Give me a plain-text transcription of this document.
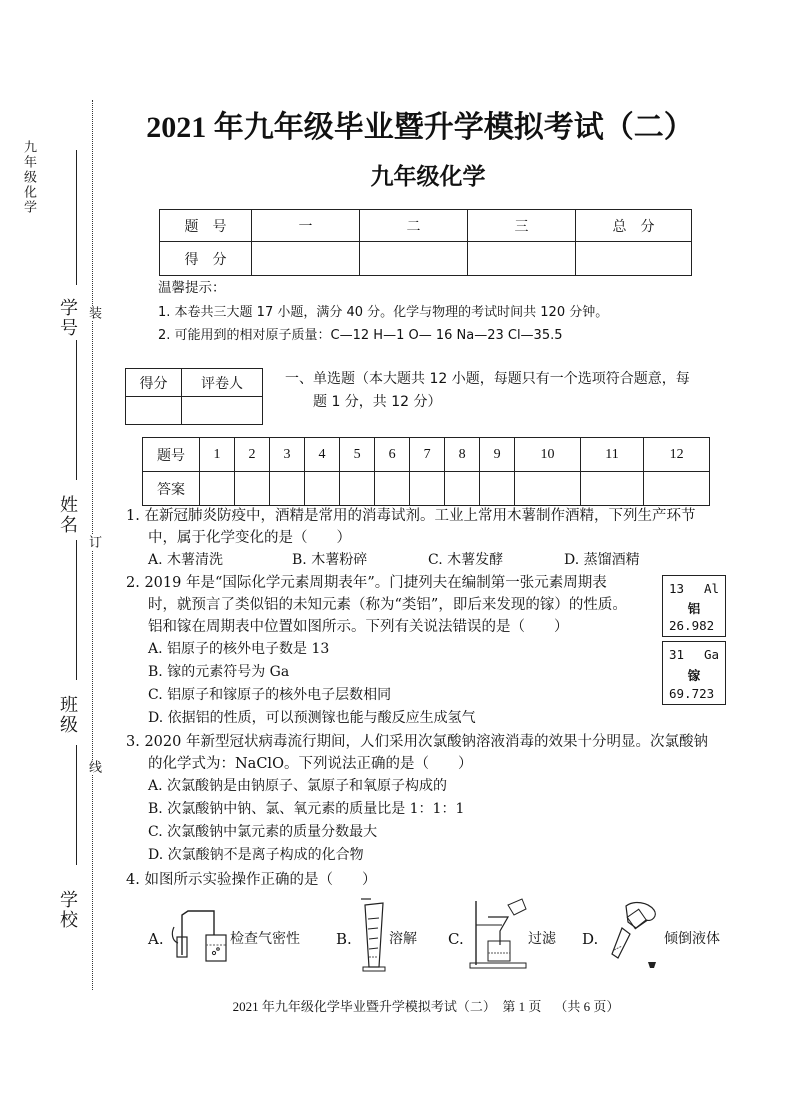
九年级化学
装
订
线
学号
姓名
班级
学校
2021 年九年级毕业暨升学模拟考试（二）
九年级化学
题　号	一	二	三	总　分
得　分				
温馨提示：
1. 本卷共三大题 17 小题，满分 40 分。化学与物理的考试时间共 120 分钟。
2. 可能用到的相对原子质量：C—12 H—1 O— 16 Na—23 Cl—35.5
得分	评卷人
		一、单选题（本大题共 12 小题，每题只有一个选项符合题意，每
题 1 分，共 12 分）
题号	1	2	3	4	5	6	7	8	9	10	11	12
答案												
1. 在新冠肺炎防疫中，酒精是常用的消毒试剂。工业上常用木薯制作酒精，下列生产环节
中，属于化学变化的是（　　）
A. 木薯清洗	B. 木薯粉碎	C. 木薯发酵	D. 蒸馏酒精
2. 2019 年是“国际化学元素周期表年”。门捷列夫在编制第一张元素周期表
时，就预言了类似铝的未知元素（称为“类铝”，即后来发现的镓）的性质。
铝和镓在周期表中位置如图所示。下列有关说法错误的是（　　）
A. 铝原子的核外电子数是 13
B. 镓的元素符号为 Ga
C. 铝原子和镓原子的核外电子层数相同
D. 依据铝的性质，可以预测镓也能与酸反应生成氢气
13 Al
铝
26.982
31 Ga
镓
69.723
3. 2020 年新型冠状病毒流行期间，人们采用次氯酸钠溶液消毒的效果十分明显。次氯酸钠
的化学式为：NaClO。下列说法正确的是（　　）
A. 次氯酸钠是由钠原子、氯原子和氧原子构成的
B. 次氯酸钠中钠、氯、氧元素的质量比是 1：1：1
C. 次氯酸钠中氯元素的质量分数最大
D. 次氯酸钠不是离子构成的化合物
4. 如图所示实验操作正确的是（　　）
A.	检查气密性 B.	溶解 C.	过滤 D.	倾倒液体
2021 年九年级化学毕业暨升学模拟考试（二）  第 1 页    （共 6 页）
